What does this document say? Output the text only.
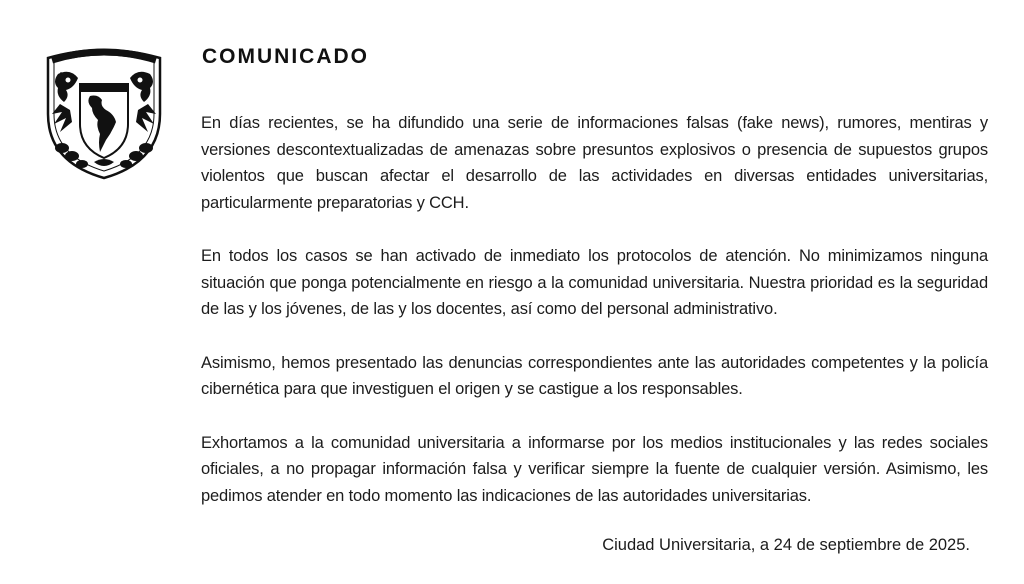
COMUNICADO

En días recientes, se ha difundido una serie de informaciones falsas (fake news), rumores, mentiras y versiones descontextualizadas de amenazas sobre presuntos explosivos o presencia de supuestos grupos violentos que buscan afectar el desarrollo de las actividades en diversas entidades universitarias, particularmente preparatorias y CCH.

En todos los casos se han activado de inmediato los protocolos de atención. No minimizamos ninguna situación que ponga potencialmente en riesgo a la comunidad universitaria. Nuestra prioridad es la seguridad de las y los jóvenes, de las y los docentes, así como del personal administrativo.

Asimismo, hemos presentado las denuncias correspondientes ante las autoridades competentes y la policía cibernética para que investiguen el origen y se castigue a los responsables.

Exhortamos a la comunidad universitaria a informarse por los medios institucionales y las redes sociales oficiales, a no propagar información falsa y verificar siempre la fuente de cualquier versión. Asimismo, les pedimos atender en todo momento las indicaciones de las autoridades universitarias.

Ciudad Universitaria, a 24 de septiembre de 2025.
